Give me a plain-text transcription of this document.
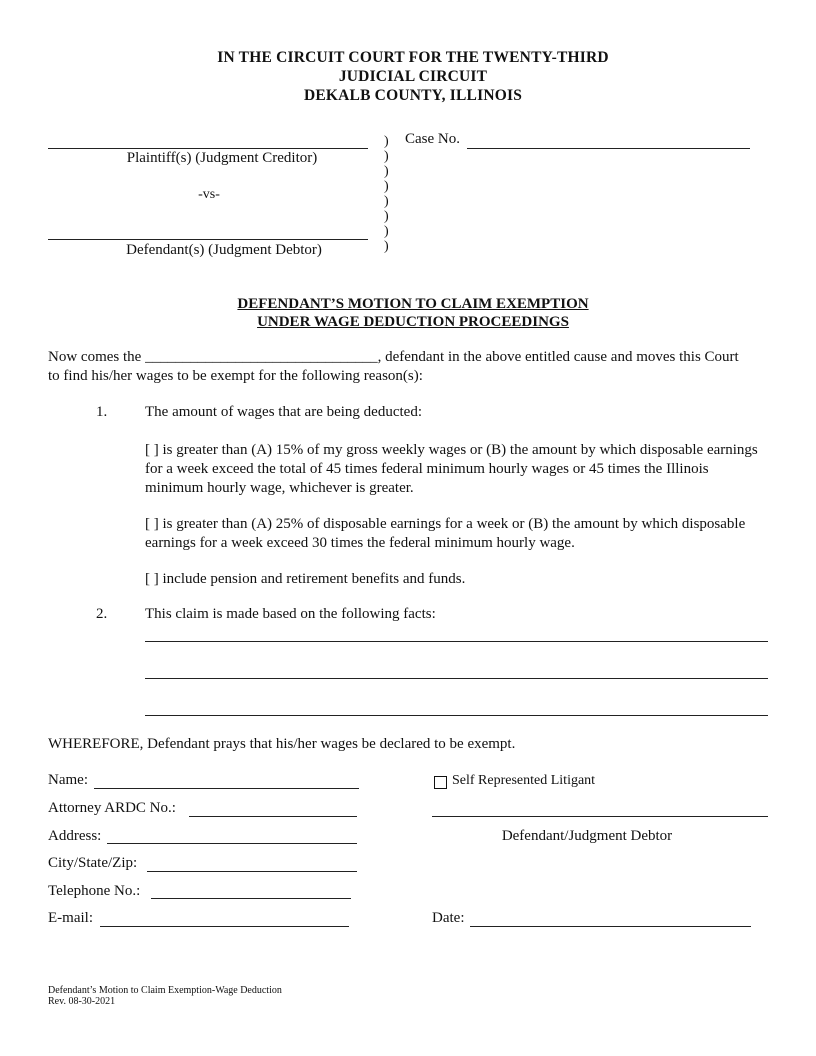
IN THE CIRCUIT COURT FOR THE TWENTY-THIRD
JUDICIAL CIRCUIT
DEKALB COUNTY, ILLINOIS
Plaintiff(s) (Judgment Creditor)
-vs-
Defendant(s) (Judgment Debtor)
)
)
)
)
)
)
)
)
Case No.
DEFENDANT’S MOTION TO CLAIM EXEMPTION
UNDER WAGE DEDUCTION PROCEEDINGS
Now comes the _______________________________, defendant in the above entitled cause and moves this Court
to find his/her wages to be exempt for the following reason(s):
1.	The amount of wages that are being deducted:
[ ] is greater than (A) 15% of my gross weekly wages or (B) the amount by which disposable earnings for a week exceed the total of 45 times federal minimum hourly wages or 45 times the Illinois minimum hourly wage, whichever is greater.
[ ] is greater than (A) 25% of disposable earnings for a week or (B) the amount by which disposable earnings for a week exceed 30 times the federal minimum hourly wage.
[ ] include pension and retirement benefits and funds.
2.	This claim is made based on the following facts:
WHEREFORE, Defendant prays that his/her wages be declared to be exempt.
Name:
Attorney ARDC No.:
Address:
City/State/Zip:
Telephone No.:
E-mail:
Self Represented Litigant
Defendant/Judgment Debtor
Date:
Defendant’s Motion to Claim Exemption-Wage Deduction
Rev. 08-30-2021
